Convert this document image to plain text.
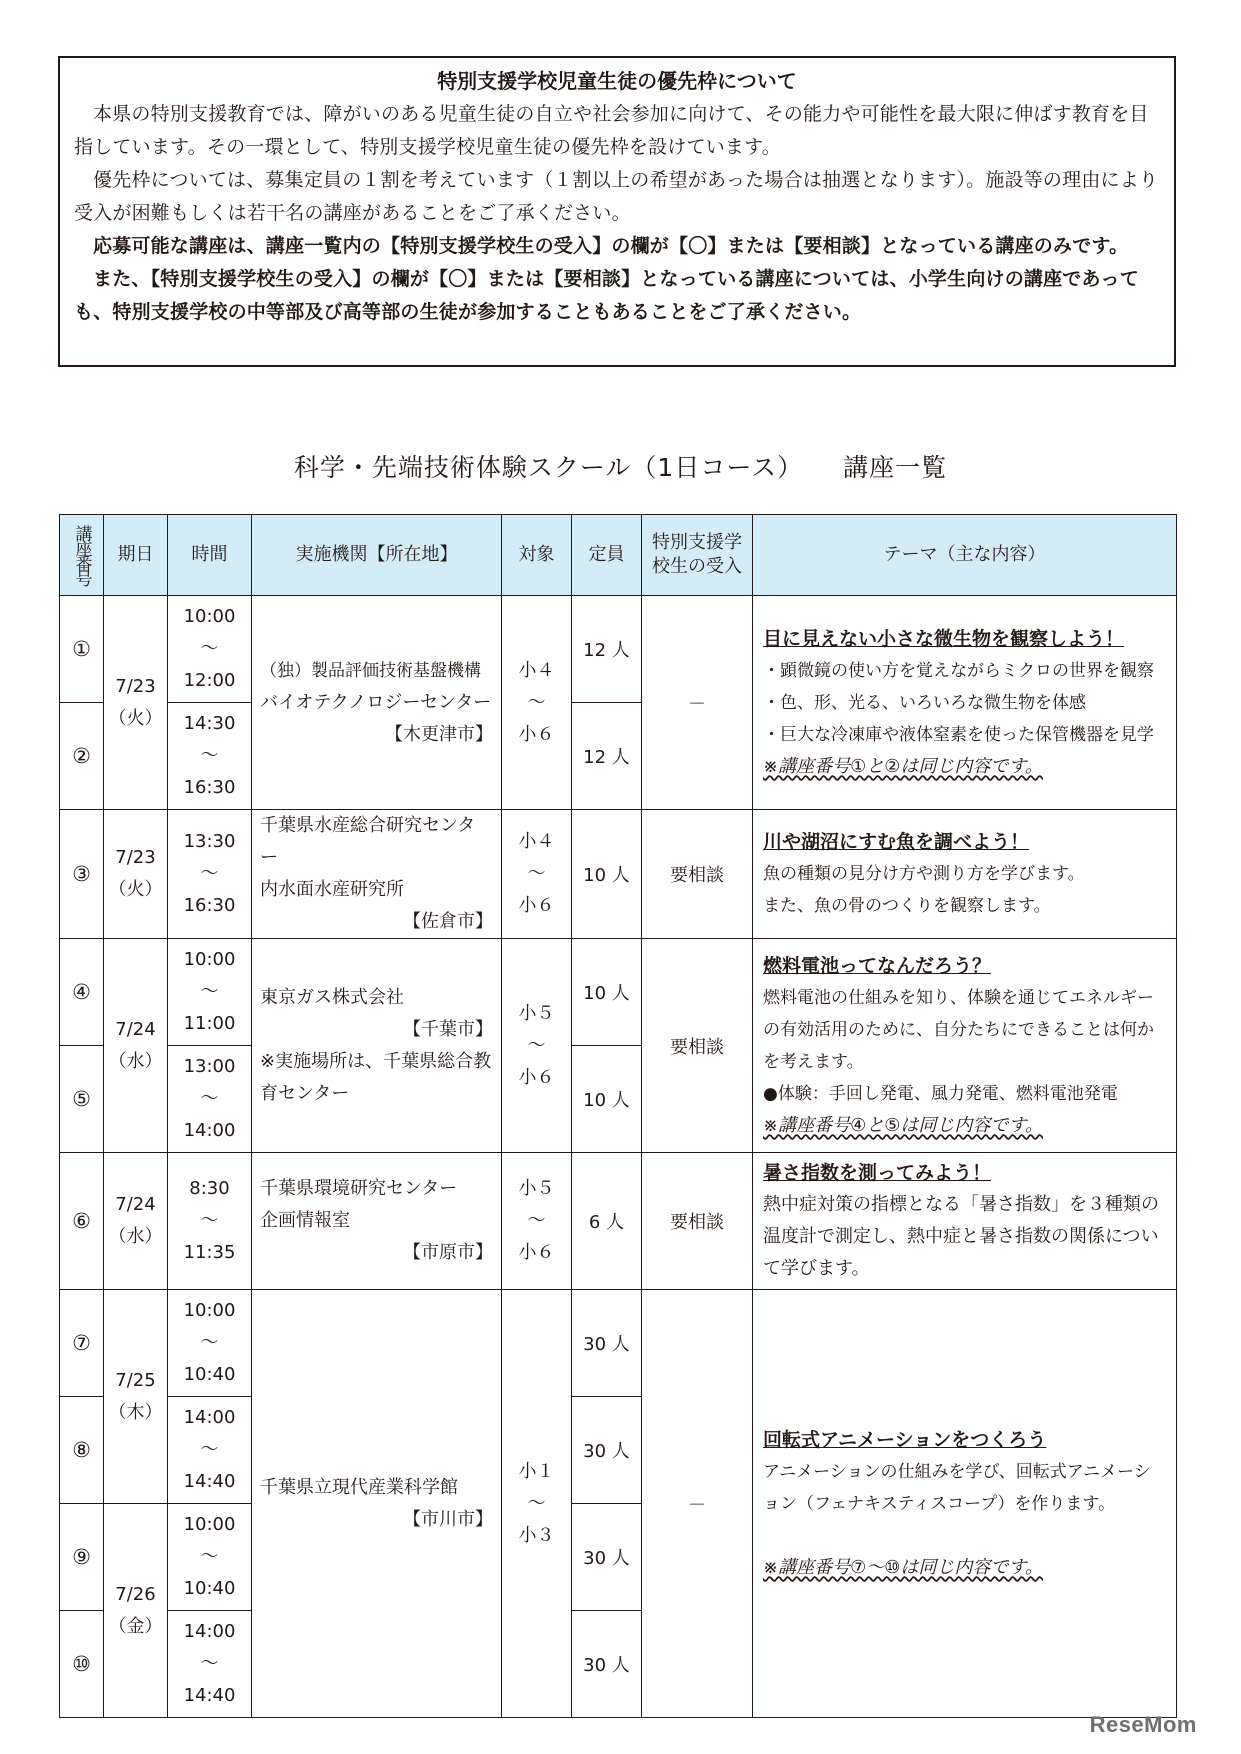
特別支援学校児童生徒の優先枠について

本県の特別支援教育では、障がいのある児童生徒の自立や社会参加に向けて、その能力や可能性を最大限に伸ばす教育を目指しています。その一環として、特別支援学校児童生徒の優先枠を設けています。

優先枠については、募集定員の１割を考えています（１割以上の希望があった場合は抽選となります）。施設等の理由により受入が困難もしくは若干名の講座があることをご了承ください。

応募可能な講座は、講座一覧内の【特別支援学校生の受入】の欄が【〇】または【要相談】となっている講座のみです。

また、【特別支援学校生の受入】の欄が【〇】または【要相談】となっている講座については、小学生向けの講座であっても、特別支援学校の中等部及び高等部の生徒が参加することもあることをご了承ください。

科学・先端技術体験スクール（1日コース） 講座一覧
講座番号	期日	時間	実施機関【所在地】	対象	定員	特別支援学校生の受入	テーマ（主な内容）
①	7/23
（火）	10:00
～
12:00	（独）製品評価技術基盤機構
バイオテクノロジーセンター
【木更津市】	小４
～
小６	12 人	－	目に見えない小さな微生物を観察しよう！
・顕微鏡の使い方を覚えながらミクロの世界を観察
・色、形、光る、いろいろな微生物を体感
・巨大な冷凍庫や液体窒素を使った保管機器を見学
※講座番号①と②は同じ内容です。

②		14:30
～
16:30			12 人		
③	7/23
（火）	13:30
～
16:30	千葉県水産総合研究センター
内水面水産研究所
【佐倉市】	小４
～
小６	10 人	要相談	川や湖沼にすむ魚を調べよう！
魚の種類の見分け方や測り方を学びます。
また、魚の骨のつくりを観察します。

④	7/24
（水）	10:00
～
11:00	東京ガス株式会社
【千葉市】
※実施場所は、千葉県総合教育センター	小５
～
小６	10 人	要相談	燃料電池ってなんだろう？
燃料電池の仕組みを知り、体験を通じてエネルギーの有効活用のために、自分たちにできることは何かを考えます。
●体験：手回し発電、風力発電、燃料電池発電
※講座番号④と⑤は同じ内容です。

⑤		13:00
～
14:00			10 人		
⑥	7/24
（水）	8:30
～
11:35	千葉県環境研究センター
企画情報室
【市原市】	小５
～
小６	6 人	要相談	暑さ指数を測ってみよう！
熱中症対策の指標となる「暑さ指数」を３種類の温度計で測定し、熱中症と暑さ指数の関係について学びます。

⑦	7/25
（木）	10:00
～
10:40	千葉県立現代産業科学館
【市川市】	小１
～
小３	30 人	－	回転式アニメーションをつくろう
アニメーションの仕組みを学び、回転式アニメーション（フェナキスティスコープ）を作ります。

※講座番号⑦～⑩は同じ内容です。

⑧		14:00
～
14:40			30 人		
⑨	7/26
（金）	10:00
～
10:40			30 人		
⑩		14:00
～
14:40			30 人		
ReseMom
